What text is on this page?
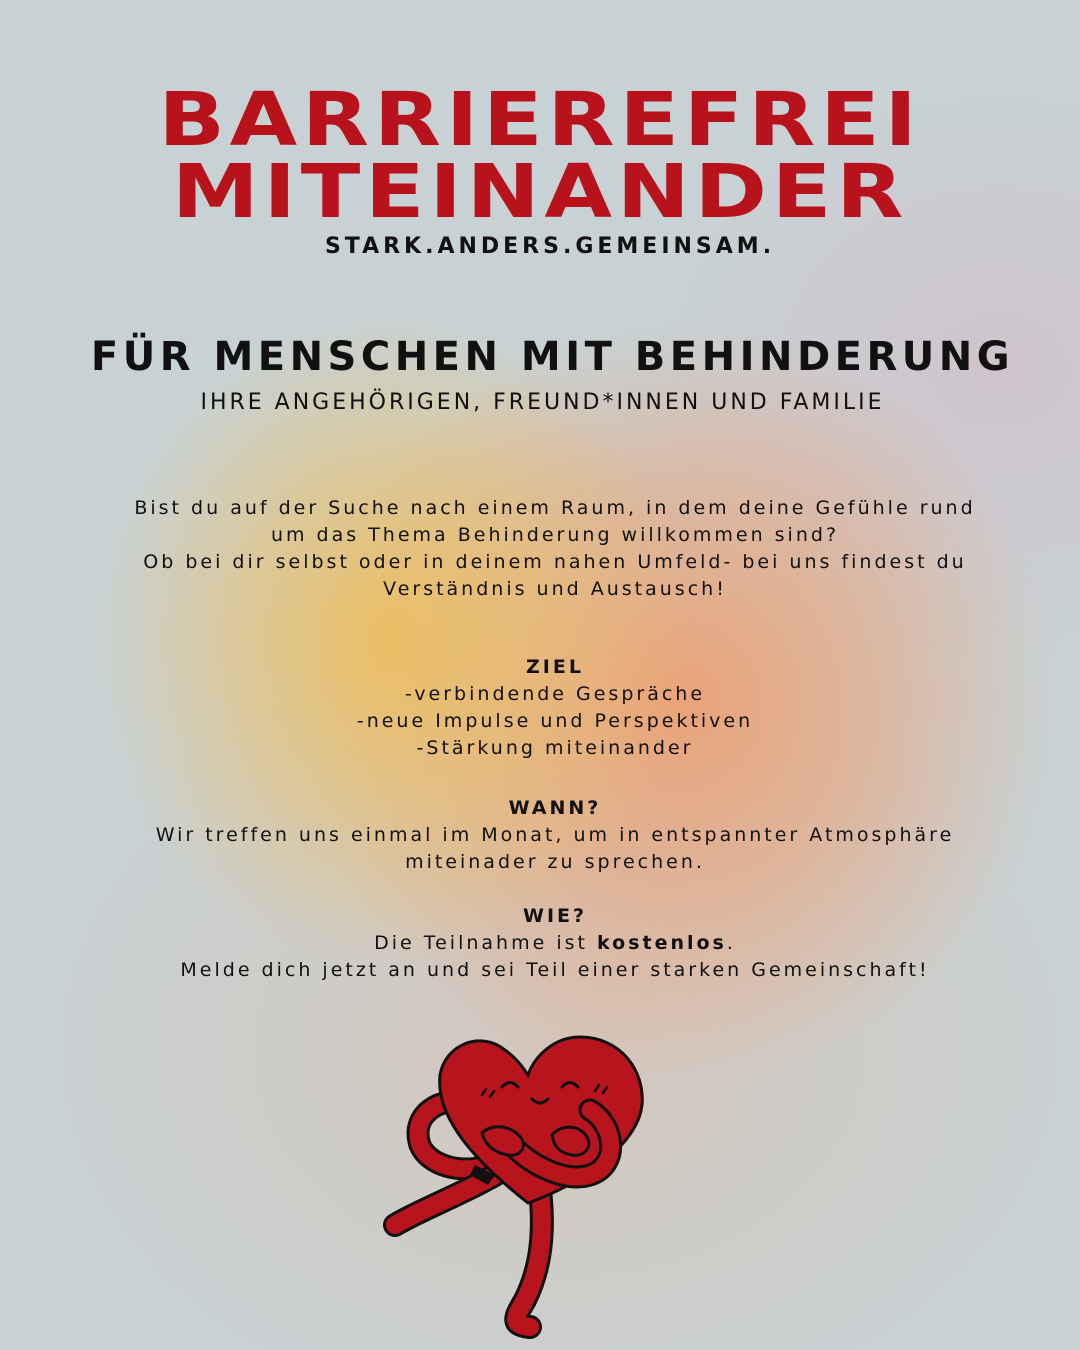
BARRIEREFREI
MITEINANDER
STARK.ANDERS.GEMEINSAM.
FÜR MENSCHEN MIT BEHINDERUNG
IHRE ANGEHÖRIGEN, FREUND*INNEN UND FAMILIE
Bist du auf der Suche nach einem Raum, in dem deine Gefühle rund
um das Thema Behinderung willkommen sind?
Ob bei dir selbst oder in deinem nahen Umfeld- bei uns findest du
Verständnis und Austausch!
ZIEL
-verbindende Gespräche
-neue Impulse und Perspektiven
-Stärkung miteinander
WANN?
Wir treffen uns einmal im Monat, um in entspannter Atmosphäre
miteinader zu sprechen.
WIE?
Die Teilnahme ist kostenlos.
Melde dich jetzt an und sei Teil einer starken Gemeinschaft!
